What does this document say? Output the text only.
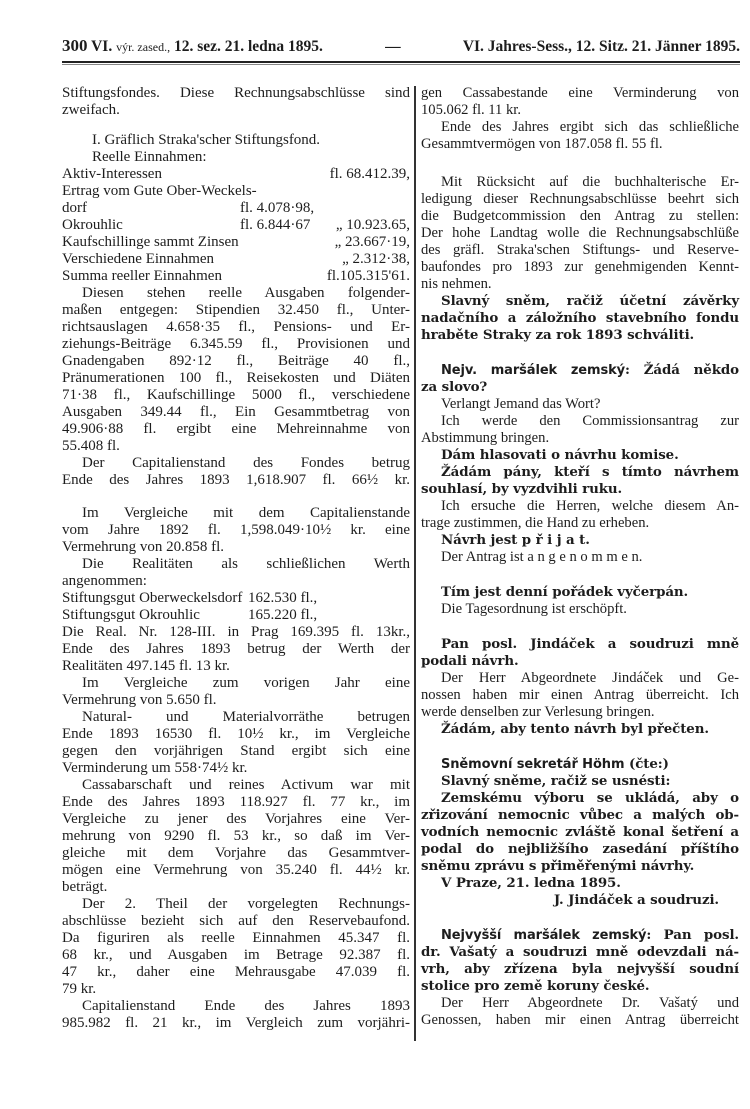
300 VI. výr. zased., 12. sez. 21. ledna 1895.	—	VI. Jahres-Sess., 12. Sitz. 21. Jänner 1895.
Stiftungsfondes. Diese Rechnungsabschlüsse sind
zweifach.
I. Gräflich Straka'scher Stiftungsfond.
Reelle Einnahmen:
Aktiv-Interessen	fl. 68.412.39,
Ertrag vom Gute Ober-Weckels-
dorf	fl. 4.078·98,
Okrouhlic	fl. 6.844·67 „ 10.923.65,
Kaufschillinge sammt Zinsen	„ 23.667·19,
Verschiedene Einnahmen	„ 2.312·38,
Summa reeller Einnahmen	fl.105.315'61.
Diesen stehen reelle Ausgaben folgender-
maßen entgegen: Stipendien 32.450 fl., Unter-
richtsauslagen 4.658·35 fl., Pensions- und Er-
ziehungs-Beiträge 6.345.59 fl., Provisionen und
Gnadengaben 892·12 fl., Beiträge 40 fl.,
Pränumerationen 100 fl., Reisekosten und Diäten
71·38 fl., Kaufschillinge 5000 fl., verschiedene
Ausgaben 349.44 fl., Ein Gesammtbetrag von
49.906·88 fl. ergibt eine Mehreinnahme von
55.408 fl.
Der Capitalienstand des Fondes betrug
Ende des Jahres 1893 1,618.907 fl. 66½ kr.
Im Vergleiche mit dem Capitalienstande
vom Jahre 1892 fl. 1,598.049·10½ kr. eine
Vermehrung von 20.858 fl.
Die Realitäten als schließlichen Werth
angenommen:
Stiftungsgut Oberweckelsdorf 162.530 fl.,
Stiftungsgut Okrouhlic	165.220 fl.,
Die Real. Nr. 128-III. in Prag 169.395 fl. 13kr.,
Ende des Jahres 1893 betrug der Werth der
Realitäten 497.145 fl. 13 kr.
Im Vergleiche zum vorigen Jahr eine
Vermehrung von 5.650 fl.
Natural- und Materialvorräthe betrugen
Ende 1893 16530 fl. 10½ kr., im Vergleiche
gegen den vorjährigen Stand ergibt sich eine
Verminderung um 558·74½ kr.
Cassabarschaft und reines Activum war mit
Ende des Jahres 1893 118.927 fl. 77 kr., im
Vergleiche zu jener des Vorjahres eine Ver-
mehrung von 9290 fl. 53 kr., so daß im Ver-
gleiche mit dem Vorjahre das Gesammtver-
mögen eine Vermehrung von 35.240 fl. 44½ kr.
beträgt.
Der 2. Theil der vorgelegten Rechnungs-
abschlüsse bezieht sich auf den Reservebaufond.
Da figuriren als reelle Einnahmen 45.347 fl.
68 kr., und Ausgaben im Betrage 92.387 fl.
47 kr., daher eine Mehrausgabe 47.039 fl.
79 kr.
Capitalienstand Ende des Jahres 1893
985.982 fl. 21 kr., im Vergleich zum vorjähri-
gen Cassabestande eine Verminderung von
105.062 fl. 11 kr.
Ende des Jahres ergibt sich das schließliche
Gesammtvermögen von 187.058 fl. 55 fl.
Mit Rücksicht auf die buchhalterische Er-
ledigung dieser Rechnungsabschlüsse beehrt sich
die Budgetcommission den Antrag zu stellen:
Der hohe Landtag wolle die Rechnungsabschlüße
des gräfl. Straka'schen Stiftungs- und Reserve-
baufondes pro 1893 zur genehmigenden Kennt-
nis nehmen.
Slavný sněm, račiž účetní závěrky
nadačního a záložního stavebního fondu
hraběte Straky za rok 1893 schváliti.
Nejv. maršálek zemský: Žádá někdo
za slovo?
Verlangt Jemand das Wort?
Ich werde den Commissionsantrag zur
Abstimmung bringen.
Dám hlasovati o návrhu komise.
Žádám pány, kteří s tímto návrhem
souhlasí, by vyzdvihli ruku.
Ich ersuche die Herren, welche diesem An-
trage zustimmen, die Hand zu erheben.
Návrh jest p ř i j a t.
Der Antrag ist a n g e n o m m e n.
Tím jest denní pořádek vyčerpán.
Die Tagesordnung ist erschöpft.
Pan posl. Jindáček a soudruzi mně
podali návrh.
Der Herr Abgeordnete Jindáček und Ge-
nossen haben mir einen Antrag überreicht. Ich
werde denselben zur Verlesung bringen.
Žádám, aby tento návrh byl přečten.
Sněmovní sekretář Höhm (čte:)
Slavný sněme, račiž se usnésti:
Zemskému výboru se ukládá, aby o
zřizování nemocnic vůbec a malých ob-
vodních nemocnic zvláště konal šetření a
podal do nejbližšího zasedání příštího
sněmu zprávu s přiměřenými návrhy.
V Praze, 21. ledna 1895.
J. Jindáček a soudruzi.
Nejvyšší maršálek zemský: Pan posl.
dr. Vašatý a soudruzi mně odevzdali ná-
vrh, aby zřízena byla nejvyšší soudní
stolice pro země koruny české.
Der Herr Abgeordnete Dr. Vašatý und
Genossen, haben mir einen Antrag überreicht
